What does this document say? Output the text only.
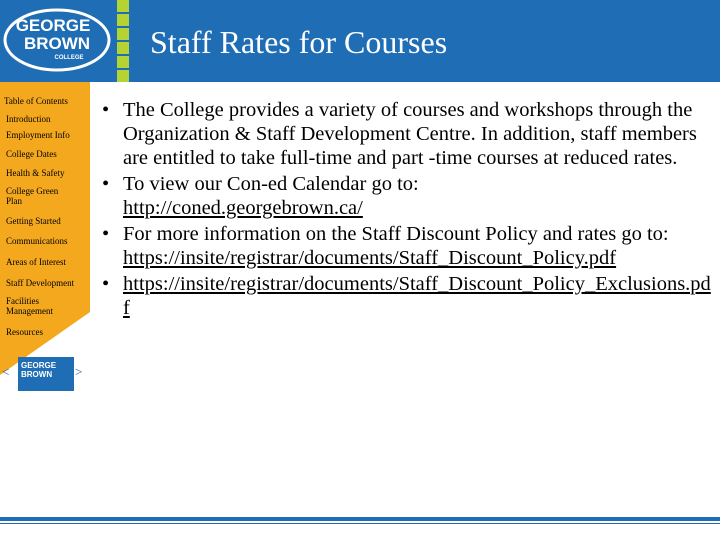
GEORGE
BROWN
COLLEGE Staff Rates for Courses
Table of Contents
Introduction
Employment Info
College Dates
Health & Safety
College Green Plan
Getting Started
Communications
Areas of Interest
Staff Development
Facilities Management
Resources
< GEORGE BROWN	>
• The College provides a variety of courses and workshops through the Organization & Staff Development Centre. In addition, staff members are entitled to take full-time and part -time courses at reduced rates.
• To view our Con-ed Calendar go to:
http://coned.georgebrown.ca/
• For more information on the Staff Discount Policy and rates go to:
https://insite/registrar/documents/Staff_Discount_Policy.pdf
• https://insite/registrar/documents/Staff_Discount_Policy_Exclusions.pdf
